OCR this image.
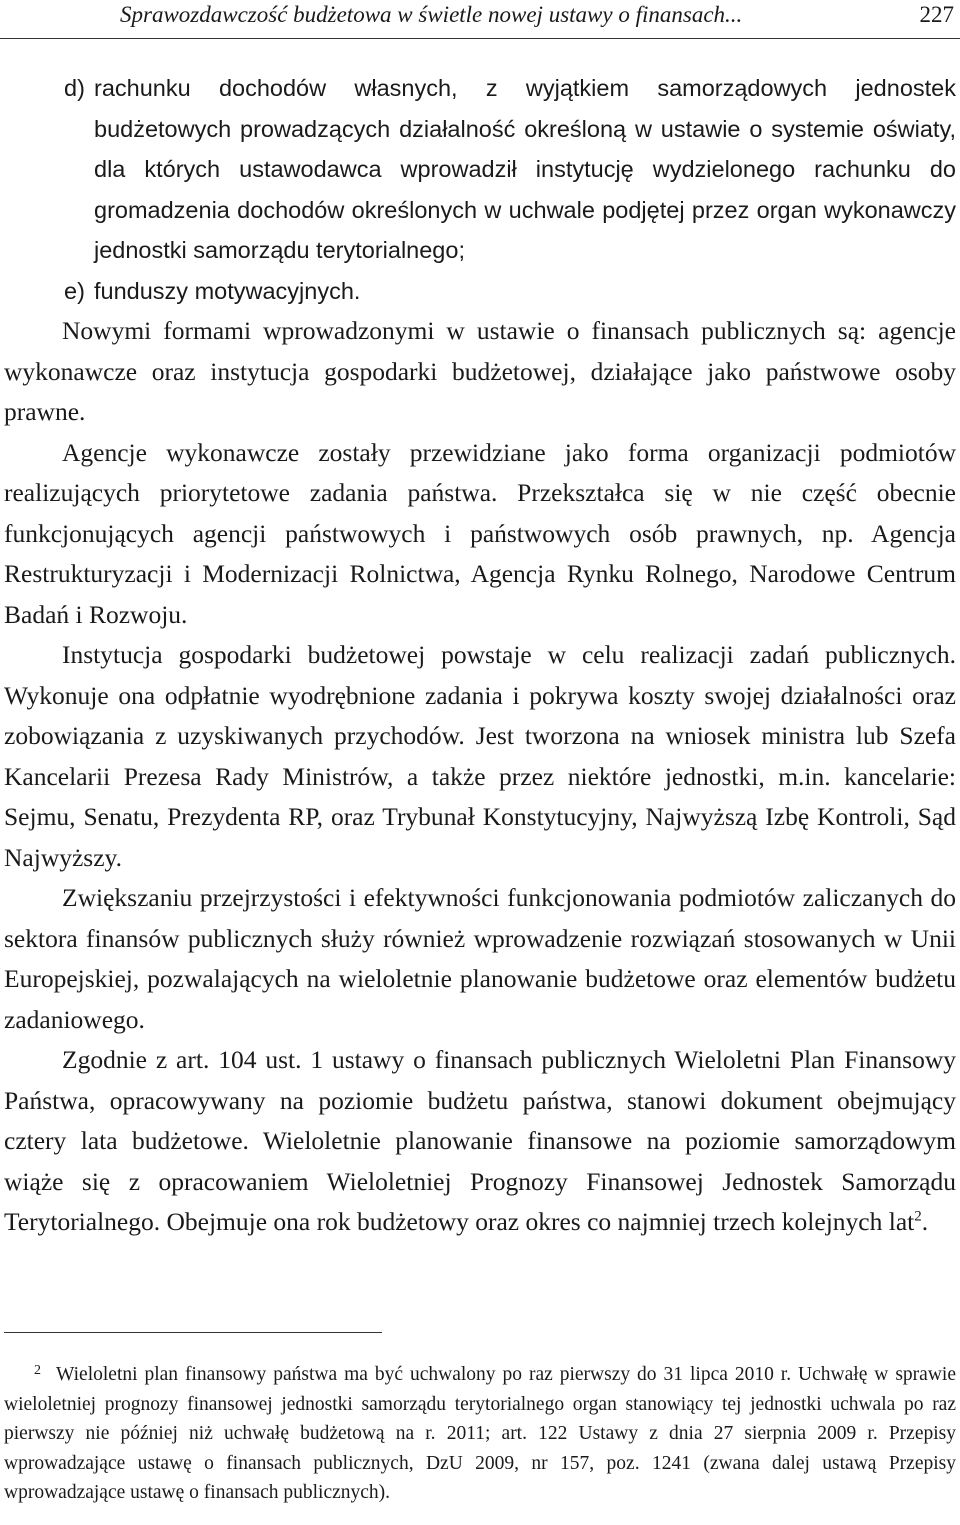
Sprawozdawczość budżetowa w świetle nowej ustawy o finansach...	227
d) rachunku dochodów własnych, z wyjątkiem samorządowych jednostek budżetowych prowadzących działalność określoną w ustawie o systemie oświaty, dla których ustawodawca wprowadził instytucję wydzielonego rachunku do gromadzenia dochodów określonych w uchwale podjętej przez organ wykonawczy jednostki samorządu terytorialnego;
e) funduszy motywacyjnych.

Nowymi formami wprowadzonymi w ustawie o finansach publicznych są: agencje wykonawcze oraz instytucja gospodarki budżetowej, działające jako państwowe osoby prawne.

Agencje wykonawcze zostały przewidziane jako forma organizacji podmiotów realizujących priorytetowe zadania państwa. Przekształca się w nie część obecnie funkcjonujących agencji państwowych i państwowych osób prawnych, np. Agencja Restrukturyzacji i Modernizacji Rolnictwa, Agencja Rynku Rolnego, Narodowe Centrum Badań i Rozwoju.

Instytucja gospodarki budżetowej powstaje w celu realizacji zadań publicznych. Wykonuje ona odpłatnie wyodrębnione zadania i pokrywa koszty swojej działalności oraz zobowiązania z uzyskiwanych przychodów. Jest tworzona na wniosek ministra lub Szefa Kancelarii Prezesa Rady Ministrów, a także przez niektóre jednostki, m.in. kancelarie: Sejmu, Senatu, Prezydenta RP, oraz Trybunał Konstytucyjny, Najwyższą Izbę Kontroli, Sąd Najwyższy.

Zwiększaniu przejrzystości i efektywności funkcjonowania podmiotów zaliczanych do sektora finansów publicznych służy również wprowadzenie rozwiązań stosowanych w Unii Europejskiej, pozwalających na wieloletnie planowanie budżetowe oraz elementów budżetu zadaniowego.

Zgodnie z art. 104 ust. 1 ustawy o finansach publicznych Wieloletni Plan Finansowy Państwa, opracowywany na poziomie budżetu państwa, stanowi dokument obejmujący cztery lata budżetowe. Wieloletnie planowanie finansowe na poziomie samorządowym wiąże się z opracowaniem Wieloletniej Prognozy Finansowej Jednostek Samorządu Terytorialnego. Obejmuje ona rok budżetowy oraz okres co najmniej trzech kolejnych lat$^2$.

2 Wieloletni plan finansowy państwa ma być uchwalony po raz pierwszy do 31 lipca 2010 r. Uchwałę w sprawie wieloletniej prognozy finansowej jednostki samorządu terytorialnego organ stanowiący tej jednostki uchwala po raz pierwszy nie później niż uchwałę budżetową na r. 2011; art. 122 Ustawy z dnia 27 sierpnia 2009 r. Przepisy wprowadzające ustawę o finansach publicznych, DzU 2009, nr 157, poz. 1241 (zwana dalej ustawą Przepisy wprowadzające ustawę o finansach publicznych).
